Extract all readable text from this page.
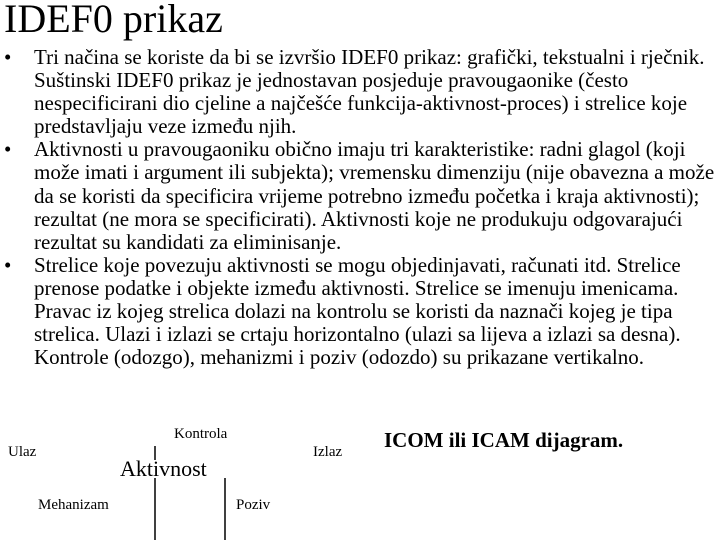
IDEF0 prikaz
•	Tri načina se koriste da bi se izvršio IDEF0 prikaz: grafički, tekstualni i rječnik. Suštinski IDEF0 prikaz je jednostavan posjeduje pravougaonike (često nespecificirani dio cjeline a najčešće funkcija-aktivnost-proces) i strelice koje predstavljaju veze između njih.
•	Aktivnosti u pravougaoniku obično imaju tri karakteristike: radni glagol (koji može imati i argument ili subjekta); vremensku dimenziju (nije obavezna a može da se koristi da specificira vrijeme potrebno između početka i kraja aktivnosti); rezultat (ne mora se specificirati). Aktivnosti koje ne produkuju odgovarajući rezultat su kandidati za eliminisanje.
•	Strelice koje povezuju aktivnosti se mogu objedinjavati, računati itd. Strelice prenose podatke i objekte između aktivnosti. Strelice se imenuju imenicama. Pravac iz kojeg strelica dolazi na kontrolu se koristi da naznači kojeg je tipa strelica. Ulazi i izlazi se crtaju horizontalno (ulazi sa lijeva a izlazi sa desna). Kontrole (odozgo), mehanizmi i poziv (odozdo) su prikazane vertikalno.
Kontrola
Ulaz
Aktivnost
Izlaz ICOM ili ICAM dijagram.
Mehanizam	Poziv
